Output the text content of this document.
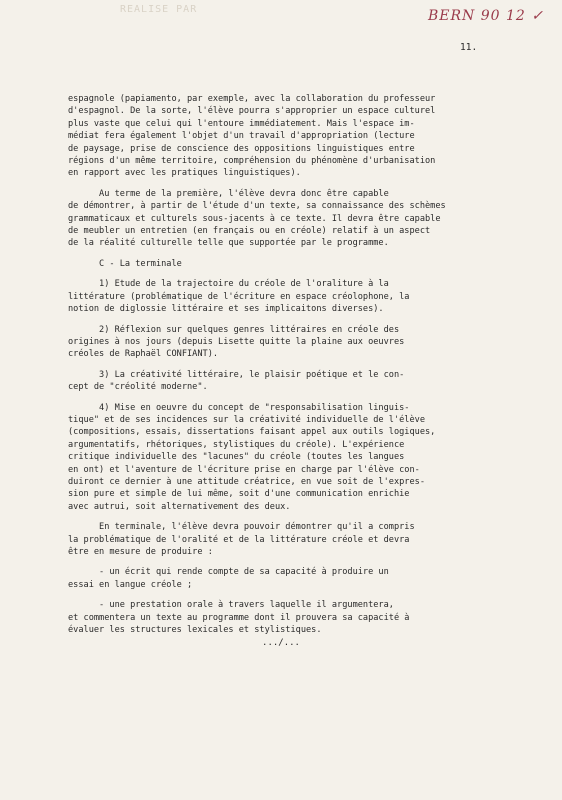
REALISE PAR	BERN 90 12 ✓
11.
espagnole (papiamento, par exemple, avec la collaboration du professeur
d'espagnol. De la sorte, l'élève pourra s'approprier un espace culturel
plus vaste que celui qui l'entoure immédiatement. Mais l'espace im-
médiat fera également l'objet d'un travail d'appropriation (lecture
de paysage, prise de conscience des oppositions linguistiques entre
régions d'un même territoire, compréhension du phénomène d'urbanisation
en rapport avec les pratiques linguistiques).
Au terme de la première, l'élève devra donc être capable
de démontrer, à partir de l'étude d'un texte, sa connaissance des schèmes
grammaticaux et culturels sous-jacents à ce texte. Il devra être capable
de meubler un entretien (en français ou en créole) relatif à un aspect
de la réalité culturelle telle que supportée par le programme.
C - La terminale
1) Etude de la trajectoire du créole de l'oraliture à la
littérature (problématique de l'écriture en espace créolophone, la
notion de diglossie littéraire et ses implicaitons diverses).
2) Réflexion sur quelques genres littéraires en créole des
origines à nos jours (depuis Lisette quitte la plaine aux oeuvres
créoles de Raphaël CONFIANT).
3) La créativité littéraire, le plaisir poétique et le con-
cept de "créolité moderne".
4) Mise en oeuvre du concept de "responsabilisation linguis-
tique" et de ses incidences sur la créativité individuelle de l'élève
(compositions, essais, dissertations faisant appel aux outils logiques,
argumentatifs, rhétoriques, stylistiques du créole). L'expérience
critique individuelle des "lacunes" du créole (toutes les langues
en ont) et l'aventure de l'écriture prise en charge par l'élève con-
duiront ce dernier à une attitude créatrice, en vue soit de l'expres-
sion pure et simple de lui même, soit d'une communication enrichie
avec autrui, soit alternativement des deux.
En terminale, l'élève devra pouvoir démontrer qu'il a compris
la problématique de l'oralité et de la littérature créole et devra
être en mesure de produire :
- un écrit qui rende compte de sa capacité à produire un
essai en langue créole ;
- une prestation orale à travers laquelle il argumentera,
et commentera un texte au programme dont il prouvera sa capacité à
évaluer les structures lexicales et stylistiques.
.../...
